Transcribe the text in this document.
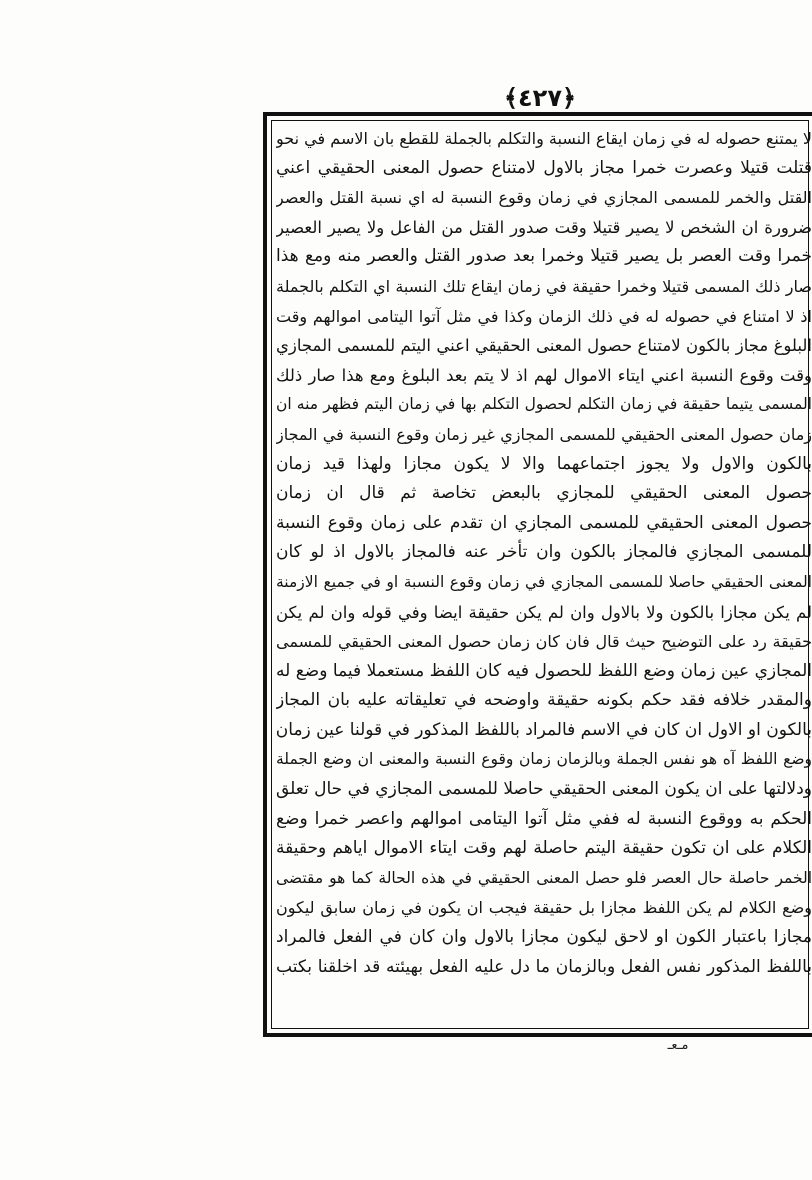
﴿٤٢٧﴾
لا يمتنع حصوله له في زمان ايقاع النسبة والتكلم بالجملة للقطع بان الاسم في نحو
قتلت قتيلا وعصرت خمرا مجاز بالاول لامتناع حصول المعنى الحقيقي اعني
القتل والخمر للمسمى المجازي في زمان وقوع النسبة له اي نسبة القتل والعصر
ضرورة ان الشخص لا يصير قتيلا وقت صدور القتل من الفاعل ولا يصير العصير
خمرا وقت العصر بل يصير قتيلا وخمرا بعد صدور القتل والعصر منه ومع هذا
صار ذلك المسمى قتيلا وخمرا حقيقة في زمان ايقاع تلك النسبة اي التكلم بالجملة
اذ لا امتناع في حصوله له في ذلك الزمان وكذا في مثل آتوا اليتامى اموالهم وقت
البلوغ مجاز بالكون لامتناع حصول المعنى الحقيقي اعني اليتم للمسمى المجازي
وقت وقوع النسبة اعني ايتاء الاموال لهم اذ لا يتم بعد البلوغ ومع هذا صار ذلك
المسمى يتيما حقيقة في زمان التكلم لحصول التكلم بها في زمان اليتم فظهر منه ان
زمان حصول المعنى الحقيقي للمسمى المجازي غير زمان وقوع النسبة في المجاز
بالكون والاول ولا يجوز اجتماعهما والا لا يكون مجازا ولهذا قيد زمان
حصول المعنى الحقيقي للمجازي بالبعض تخاصة ثم قال ان زمان
حصول المعنى الحقيقي للمسمى المجازي ان تقدم على زمان وقوع النسبة
للمسمى المجازي فالمجاز بالكون وان تأخر عنه فالمجاز بالاول اذ لو كان
المعنى الحقيقي حاصلا للمسمى المجازي في زمان وقوع النسبة او في جميع الازمنة
لم يكن مجازا بالكون ولا بالاول وان لم يكن حقيقة ايضا وفي قوله وان لم يكن
حقيقة رد على التوضيح حيث قال فان كان زمان حصول المعنى الحقيقي للمسمى
المجازي عين زمان وضع اللفظ للحصول فيه كان اللفظ مستعملا فيما وضع له
والمقدر خلافه فقد حكم بكونه حقيقة واوضحه في تعليقاته عليه بان المجاز
بالكون او الاول ان كان في الاسم فالمراد باللفظ المذكور في قولنا عين زمان
وضع اللفظ آه هو نفس الجملة وبالزمان زمان وقوع النسبة والمعنى ان وضع الجملة
ودلالتها على ان يكون المعنى الحقيقي حاصلا للمسمى المجازي في حال تعلق
الحكم به ووقوع النسبة له ففي مثل آتوا اليتامى اموالهم واعصر خمرا وضع
الكلام على ان تكون حقيقة اليتم حاصلة لهم وقت ايتاء الاموال اياهم وحقيقة
الخمر حاصلة حال العصر فلو حصل المعنى الحقيقي في هذه الحالة كما هو مقتضى
وضع الكلام لم يكن اللفظ مجازا بل حقيقة فيجب ان يكون في زمان سابق ليكون
مجازا باعتبار الكون او لاحق ليكون مجازا بالاول وان كان في الفعل فالمراد
باللفظ المذكور نفس الفعل وبالزمان ما دل عليه الفعل بهيئته قد اخلقنا بكتب
مـعـ
